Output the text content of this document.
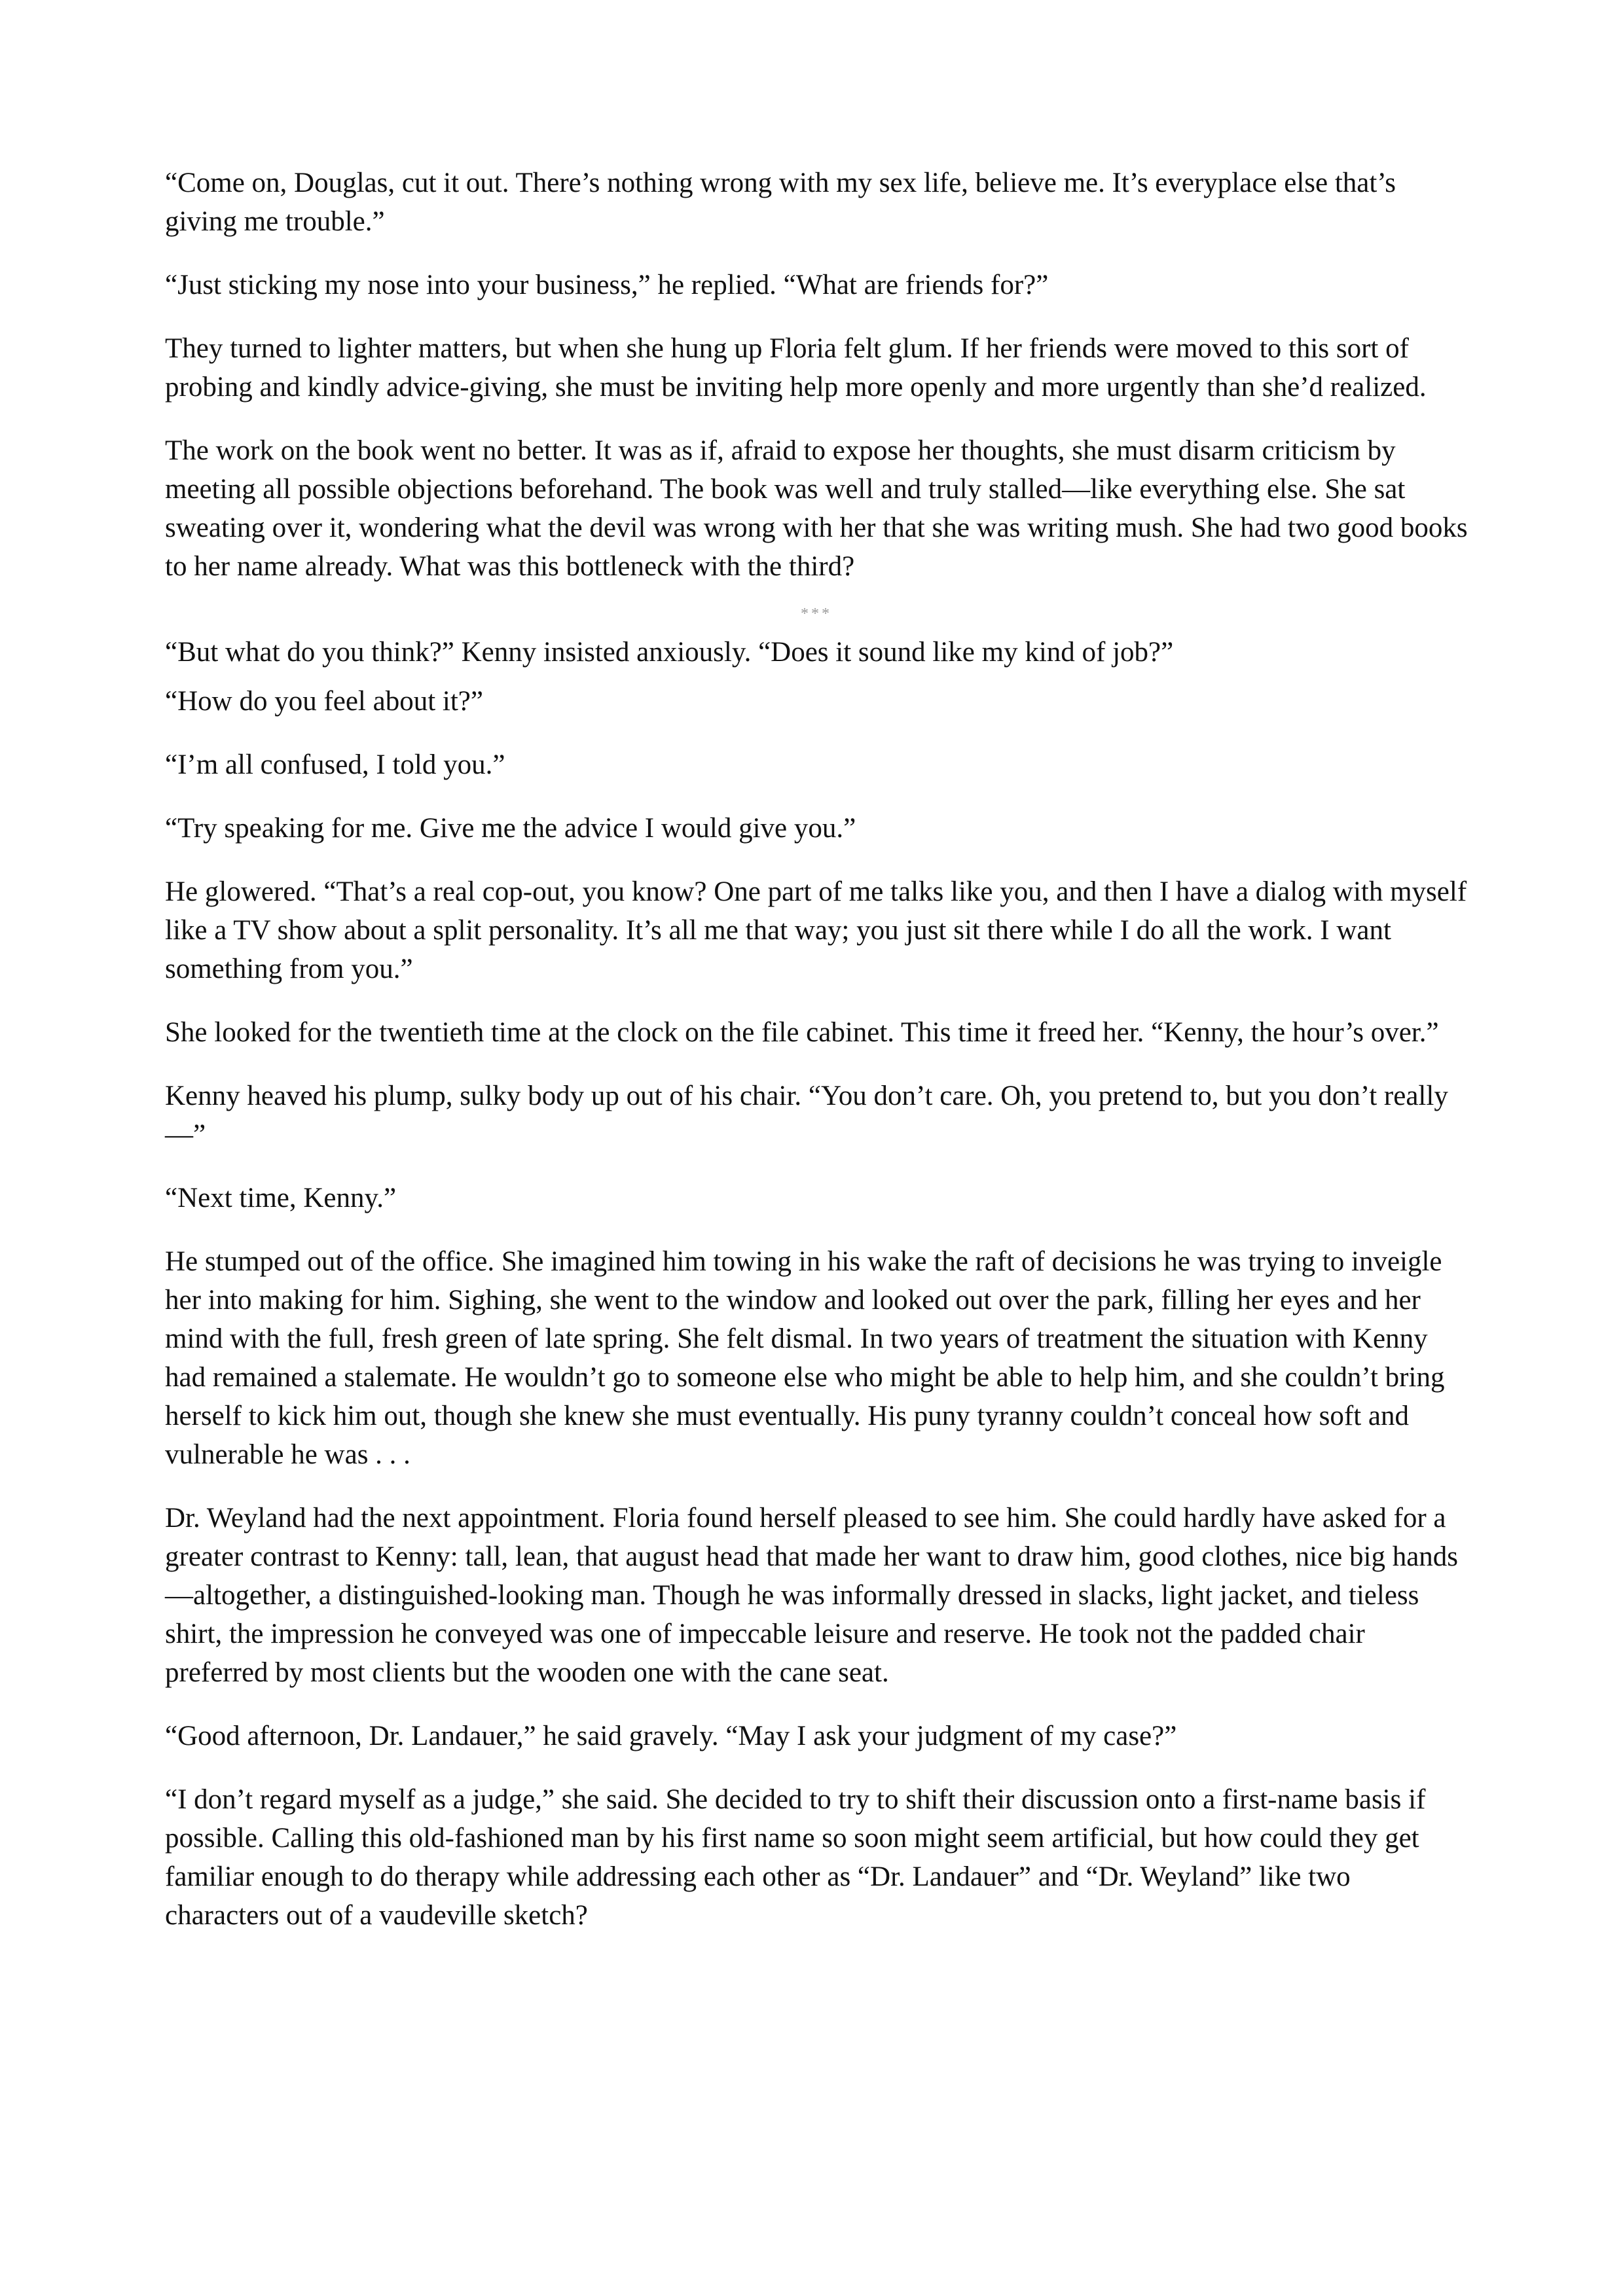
“Come on, Douglas, cut it out. There’s nothing wrong with my sex life, believe me. It’s everyplace else that’s giving me trouble.”

“Just sticking my nose into your business,” he replied. “What are friends for?”

They turned to lighter matters, but when she hung up Floria felt glum. If her friends were moved to this sort of probing and kindly advice-giving, she must be inviting help more openly and more urgently than she’d realized.

The work on the book went no better. It was as if, afraid to expose her thoughts, she must disarm criticism by meeting all possible objections beforehand. The book was well and truly stalled—like everything else. She sat sweating over it, wondering what the devil was wrong with her that she was writing mush. She had two good books to her name already. What was this bottleneck with the third?

***

“But what do you think?” Kenny insisted anxiously. “Does it sound like my kind of job?”

“How do you feel about it?”

“I’m all confused, I told you.”

“Try speaking for me. Give me the advice I would give you.”

He glowered. “That’s a real cop-out, you know? One part of me talks like you, and then I have a dialog with myself like a TV show about a split personality. It’s all me that way; you just sit there while I do all the work. I want something from you.”

She looked for the twentieth time at the clock on the file cabinet. This time it freed her. “Kenny, the hour’s over.”

Kenny heaved his plump, sulky body up out of his chair. “You don’t care. Oh, you pretend to, but you don’t really—”

“Next time, Kenny.”

He stumped out of the office. She imagined him towing in his wake the raft of decisions he was trying to inveigle her into making for him. Sighing, she went to the window and looked out over the park, filling her eyes and her mind with the full, fresh green of late spring. She felt dismal. In two years of treatment the situation with Kenny had remained a stalemate. He wouldn’t go to someone else who might be able to help him, and she couldn’t bring herself to kick him out, though she knew she must eventually. His puny tyranny couldn’t conceal how soft and vulnerable he was . . .

Dr. Weyland had the next appointment. Floria found herself pleased to see him. She could hardly have asked for a greater contrast to Kenny: tall, lean, that august head that made her want to draw him, good clothes, nice big hands—altogether, a distinguished-looking man. Though he was informally dressed in slacks, light jacket, and tieless shirt, the impression he conveyed was one of impeccable leisure and reserve. He took not the padded chair preferred by most clients but the wooden one with the cane seat.

“Good afternoon, Dr. Landauer,” he said gravely. “May I ask your judgment of my case?”

“I don’t regard myself as a judge,” she said. She decided to try to shift their discussion onto a first-name basis if possible. Calling this old-fashioned man by his first name so soon might seem artificial, but how could they get familiar enough to do therapy while addressing each other as “Dr. Landauer” and “Dr. Weyland” like two characters out of a vaudeville sketch?
